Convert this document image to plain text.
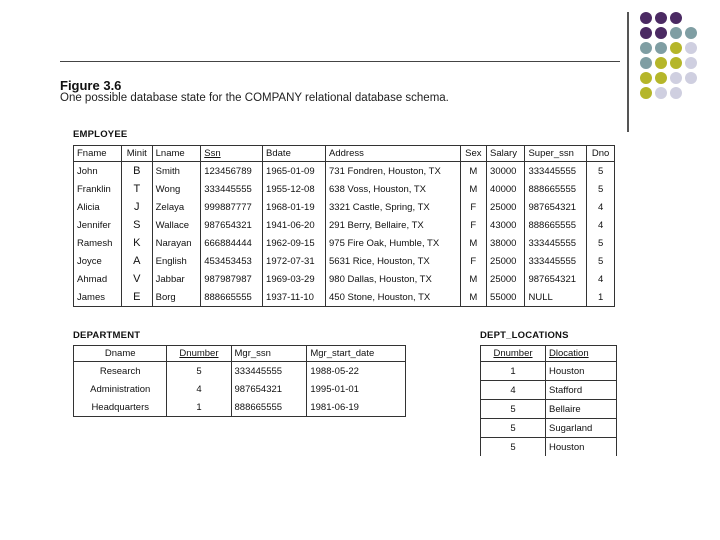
Figure 3.6
One possible database state for the COMPANY relational database schema.
EMPLOYEE
Fname	Minit	Lname	Ssn	Bdate	Address	Sex	Salary	Super_ssn	Dno
John	B	Smith	123456789	1965-01-09	731 Fondren, Houston, TX	M	30000	333445555	5
Franklin	T	Wong	333445555	1955-12-08	638 Voss, Houston, TX	M	40000	888665555	5
Alicia	J	Zelaya	999887777	1968-01-19	3321 Castle, Spring, TX	F	25000	987654321	4
Jennifer	S	Wallace	987654321	1941-06-20	291 Berry, Bellaire, TX	F	43000	888665555	4
Ramesh	K	Narayan	666884444	1962-09-15	975 Fire Oak, Humble, TX	M	38000	333445555	5
Joyce	A	English	453453453	1972-07-31	5631 Rice, Houston, TX	F	25000	333445555	5
Ahmad	V	Jabbar	987987987	1969-03-29	980 Dallas, Houston, TX	M	25000	987654321	4
James	E	Borg	888665555	1937-11-10	450 Stone, Houston, TX	M	55000	NULL	1
DEPARTMENT
Dname	Dnumber	Mgr_ssn	Mgr_start_date
Research	5	333445555	1988-05-22
Administration	4	987654321	1995-01-01
Headquarters	1	888665555	1981-06-19
DEPT_LOCATIONS
Dnumber	Dlocation
1	Houston
4	Stafford
5	Bellaire
5	Sugarland
5	Houston
